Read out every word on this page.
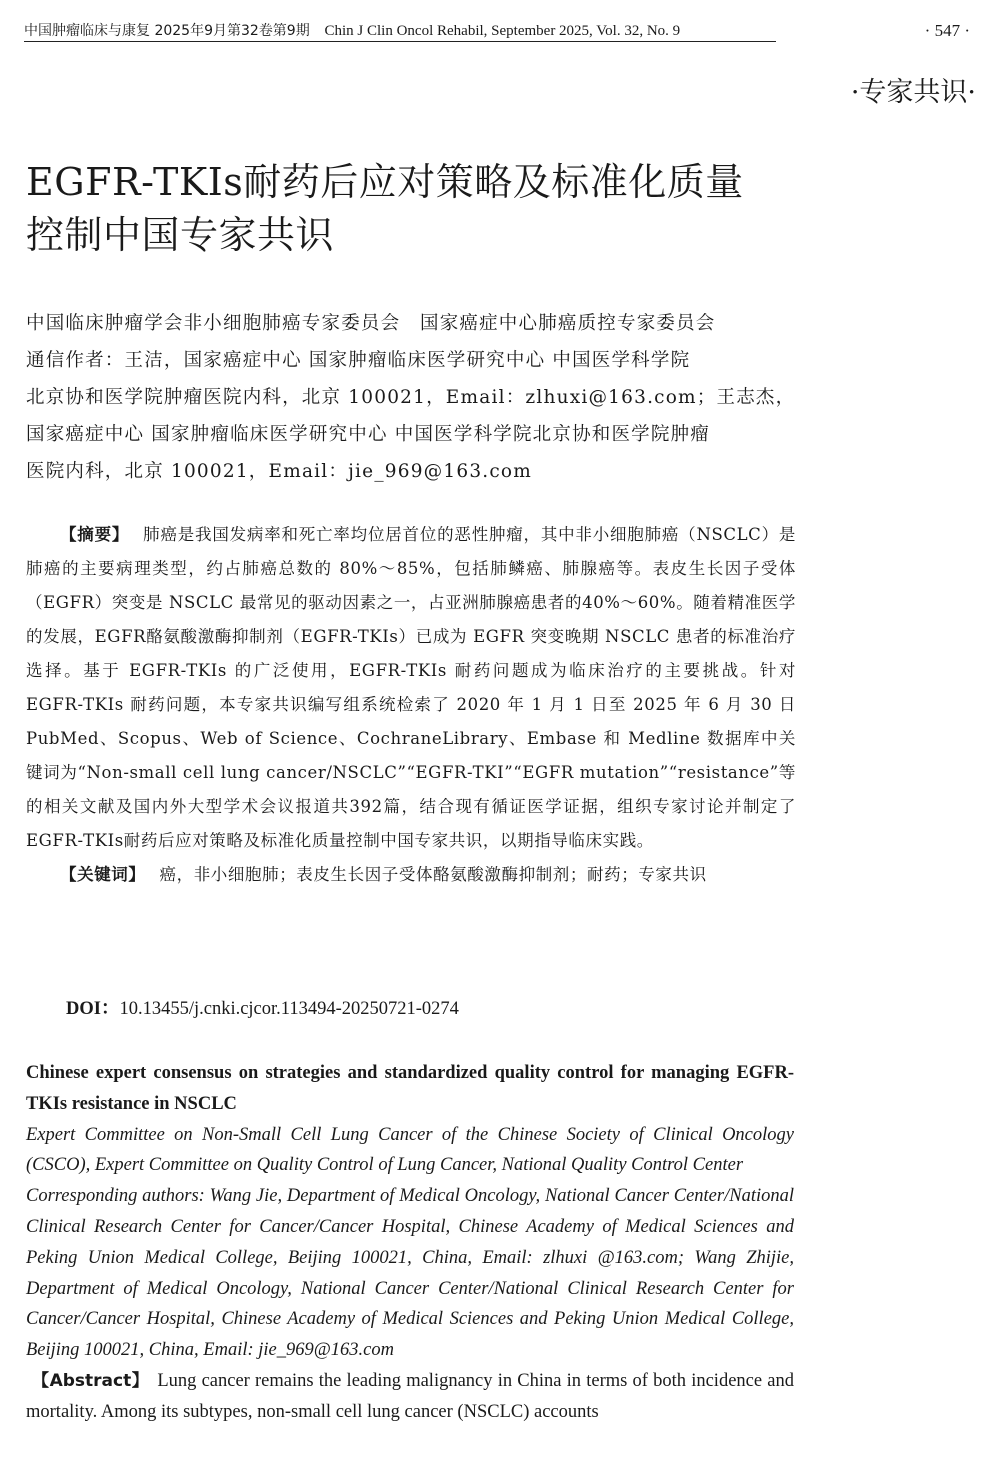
中国肿瘤临床与康复 2025年9月第32卷第9期 Chin J Clin Oncol Rehabil, September 2025, Vol. 32, No. 9	· 547 ·
·专家共识·
EGFR-TKIs耐药后应对策略及标准化质量
控制中国专家共识
中国临床肿瘤学会非小细胞肺癌专家委员会　国家癌症中心肺癌质控专家委员会
通信作者：王洁，国家癌症中心 国家肿瘤临床医学研究中心 中国医学科学院
北京协和医学院肿瘤医院内科，北京 100021，Email：zlhuxi@163.com；王志杰，
国家癌症中心 国家肿瘤临床医学研究中心 中国医学科学院北京协和医学院肿瘤
医院内科，北京 100021，Email：jie_969@163.com

【摘要】 肺癌是我国发病率和死亡率均位居首位的恶性肿瘤，其中非小细胞肺癌（NSCLC）是肺癌的主要病理类型，约占肺癌总数的 80%～85%，包括肺鳞癌、肺腺癌等。表皮生长因子受体（EGFR）突变是 NSCLC 最常见的驱动因素之一，占亚洲肺腺癌患者的40%～60%。随着精准医学的发展，EGFR酪氨酸激酶抑制剂（EGFR-TKIs）已成为 EGFR 突变晚期 NSCLC 患者的标准治疗选择。基于 EGFR-TKIs 的广泛使用，EGFR-TKIs 耐药问题成为临床治疗的主要挑战。针对 EGFR-TKIs 耐药问题，本专家共识编写组系统检索了 2020 年 1 月 1 日至 2025 年 6 月 30 日 PubMed、Scopus、Web of Science、CochraneLibrary、Embase 和 Medline 数据库中关键词为“Non-small cell lung cancer/NSCLC”“EGFR-TKI”“EGFR mutation”“resistance”等的相关文献及国内外大型学术会议报道共392篇，结合现有循证医学证据，组织专家讨论并制定了EGFR-TKIs耐药后应对策略及标准化质量控制中国专家共识，以期指导临床实践。

【关键词】 癌，非小细胞肺；表皮生长因子受体酪氨酸激酶抑制剂；耐药；专家共识

DOI：10.13455/j.cnki.cjcor.113494-20250721-0274

Chinese expert consensus on strategies and standardized quality control for managing EGFR-TKIs resistance in NSCLC

Expert Committee on Non-Small Cell Lung Cancer of the Chinese Society of Clinical Oncology (CSCO), Expert Committee on Quality Control of Lung Cancer, National Quality Control Center

Corresponding authors: Wang Jie, Department of Medical Oncology, National Cancer Center/National Clinical Research Center for Cancer/Cancer Hospital, Chinese Academy of Medical Sciences and Peking Union Medical College, Beijing 100021, China, Email: zlhuxi @163.com; Wang Zhijie, Department of Medical Oncology, National Cancer Center/National Clinical Research Center for Cancer/Cancer Hospital, Chinese Academy of Medical Sciences and Peking Union Medical College, Beijing 100021, China, Email: jie_969@163.com

【Abstract】 Lung cancer remains the leading malignancy in China in terms of both incidence and mortality. Among its subtypes, non-small cell lung cancer (NSCLC) accounts
